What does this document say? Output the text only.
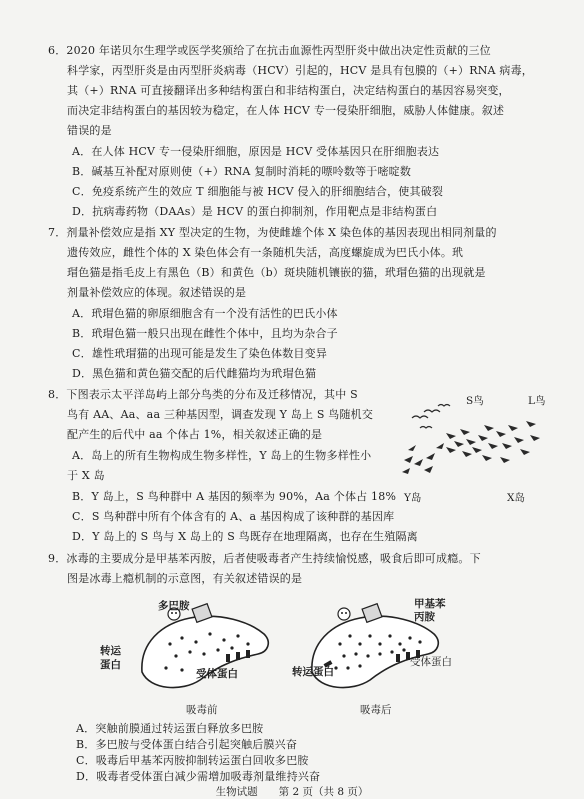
6．2020 年诺贝尔生理学或医学奖颁给了在抗击血源性丙型肝炎中做出决定性贡献的三位
科学家，丙型肝炎是由丙型肝炎病毒（HCV）引起的，HCV 是具有包膜的（+）RNA 病毒，
其（+）RNA 可直接翻译出多种结构蛋白和非结构蛋白，决定结构蛋白的基因容易突变，
而决定非结构蛋白的基因较为稳定，在人体 HCV 专一侵染肝细胞，威胁人体健康。叙述
错误的是
A．在人体 HCV 专一侵染肝细胞，原因是 HCV 受体基因只在肝细胞表达
B．碱基互补配对原则使（+）RNA 复制时消耗的嘌呤数等于嘧啶数
C．免疫系统产生的效应 T 细胞能与被 HCV 侵入的肝细胞结合，使其破裂
D．抗病毒药物（DAAs）是 HCV 的蛋白抑制剂，作用靶点是非结构蛋白
7．剂量补偿效应是指 XY 型决定的生物，为使雌雄个体 X 染色体的基因表现出相同剂量的
遗传效应，雌性个体的 X 染色体会有一条随机失活，高度螺旋成为巴氏小体。玳
瑁色猫是指毛皮上有黑色（B）和黄色（b）斑块随机镶嵌的猫，玳瑁色猫的出现就是
剂量补偿效应的体现。叙述错误的是
A．玳瑁色猫的卵原细胞含有一个没有活性的巴氏小体
B．玳瑁色猫一般只出现在雌性个体中，且均为杂合子
C．雄性玳瑁猫的出现可能是发生了染色体数目变异
D．黑色猫和黄色猫交配的后代雌猫均为玳瑁色猫
8．下图表示太平洋岛屿上部分鸟类的分布及迁移情况，其中 S
鸟有 AA、Aa、aa 三种基因型，调查发现 Y 岛上 S 鸟随机交
配产生的后代中 aa 个体占 1%，相关叙述正确的是
A．岛上的所有生物构成生物多样性，Y 岛上的生物多样性小
于 X 岛
B．Y 岛上，S 鸟种群中 A 基因的频率为 90%，Aa 个体占 18%
C．S 鸟种群中所有个体含有的 A、a 基因构成了该种群的基因库
D．Y 岛上的 S 鸟与 X 岛上的 S 鸟既存在地理隔离，也存在生殖隔离
S鸟	L鸟
Y岛	X岛
9．冰毒的主要成分是甲基苯丙胺，后者使吸毒者产生持续愉悦感，吸食后即可成瘾。下
图是冰毒上瘾机制的示意图，有关叙述错误的是
多巴胺
转运
蛋白
受体蛋白
吸毒前
甲基苯
丙胺
转运蛋白
受体蛋白
吸毒后
A．突触前膜通过转运蛋白释放多巴胺
B．多巴胺与受体蛋白结合引起突触后膜兴奋
C．吸毒后甲基苯丙胺抑制转运蛋白回收多巴胺
D．吸毒者受体蛋白减少需增加吸毒剂量维持兴奋
生物试题　　第 2 页（共 8 页）
